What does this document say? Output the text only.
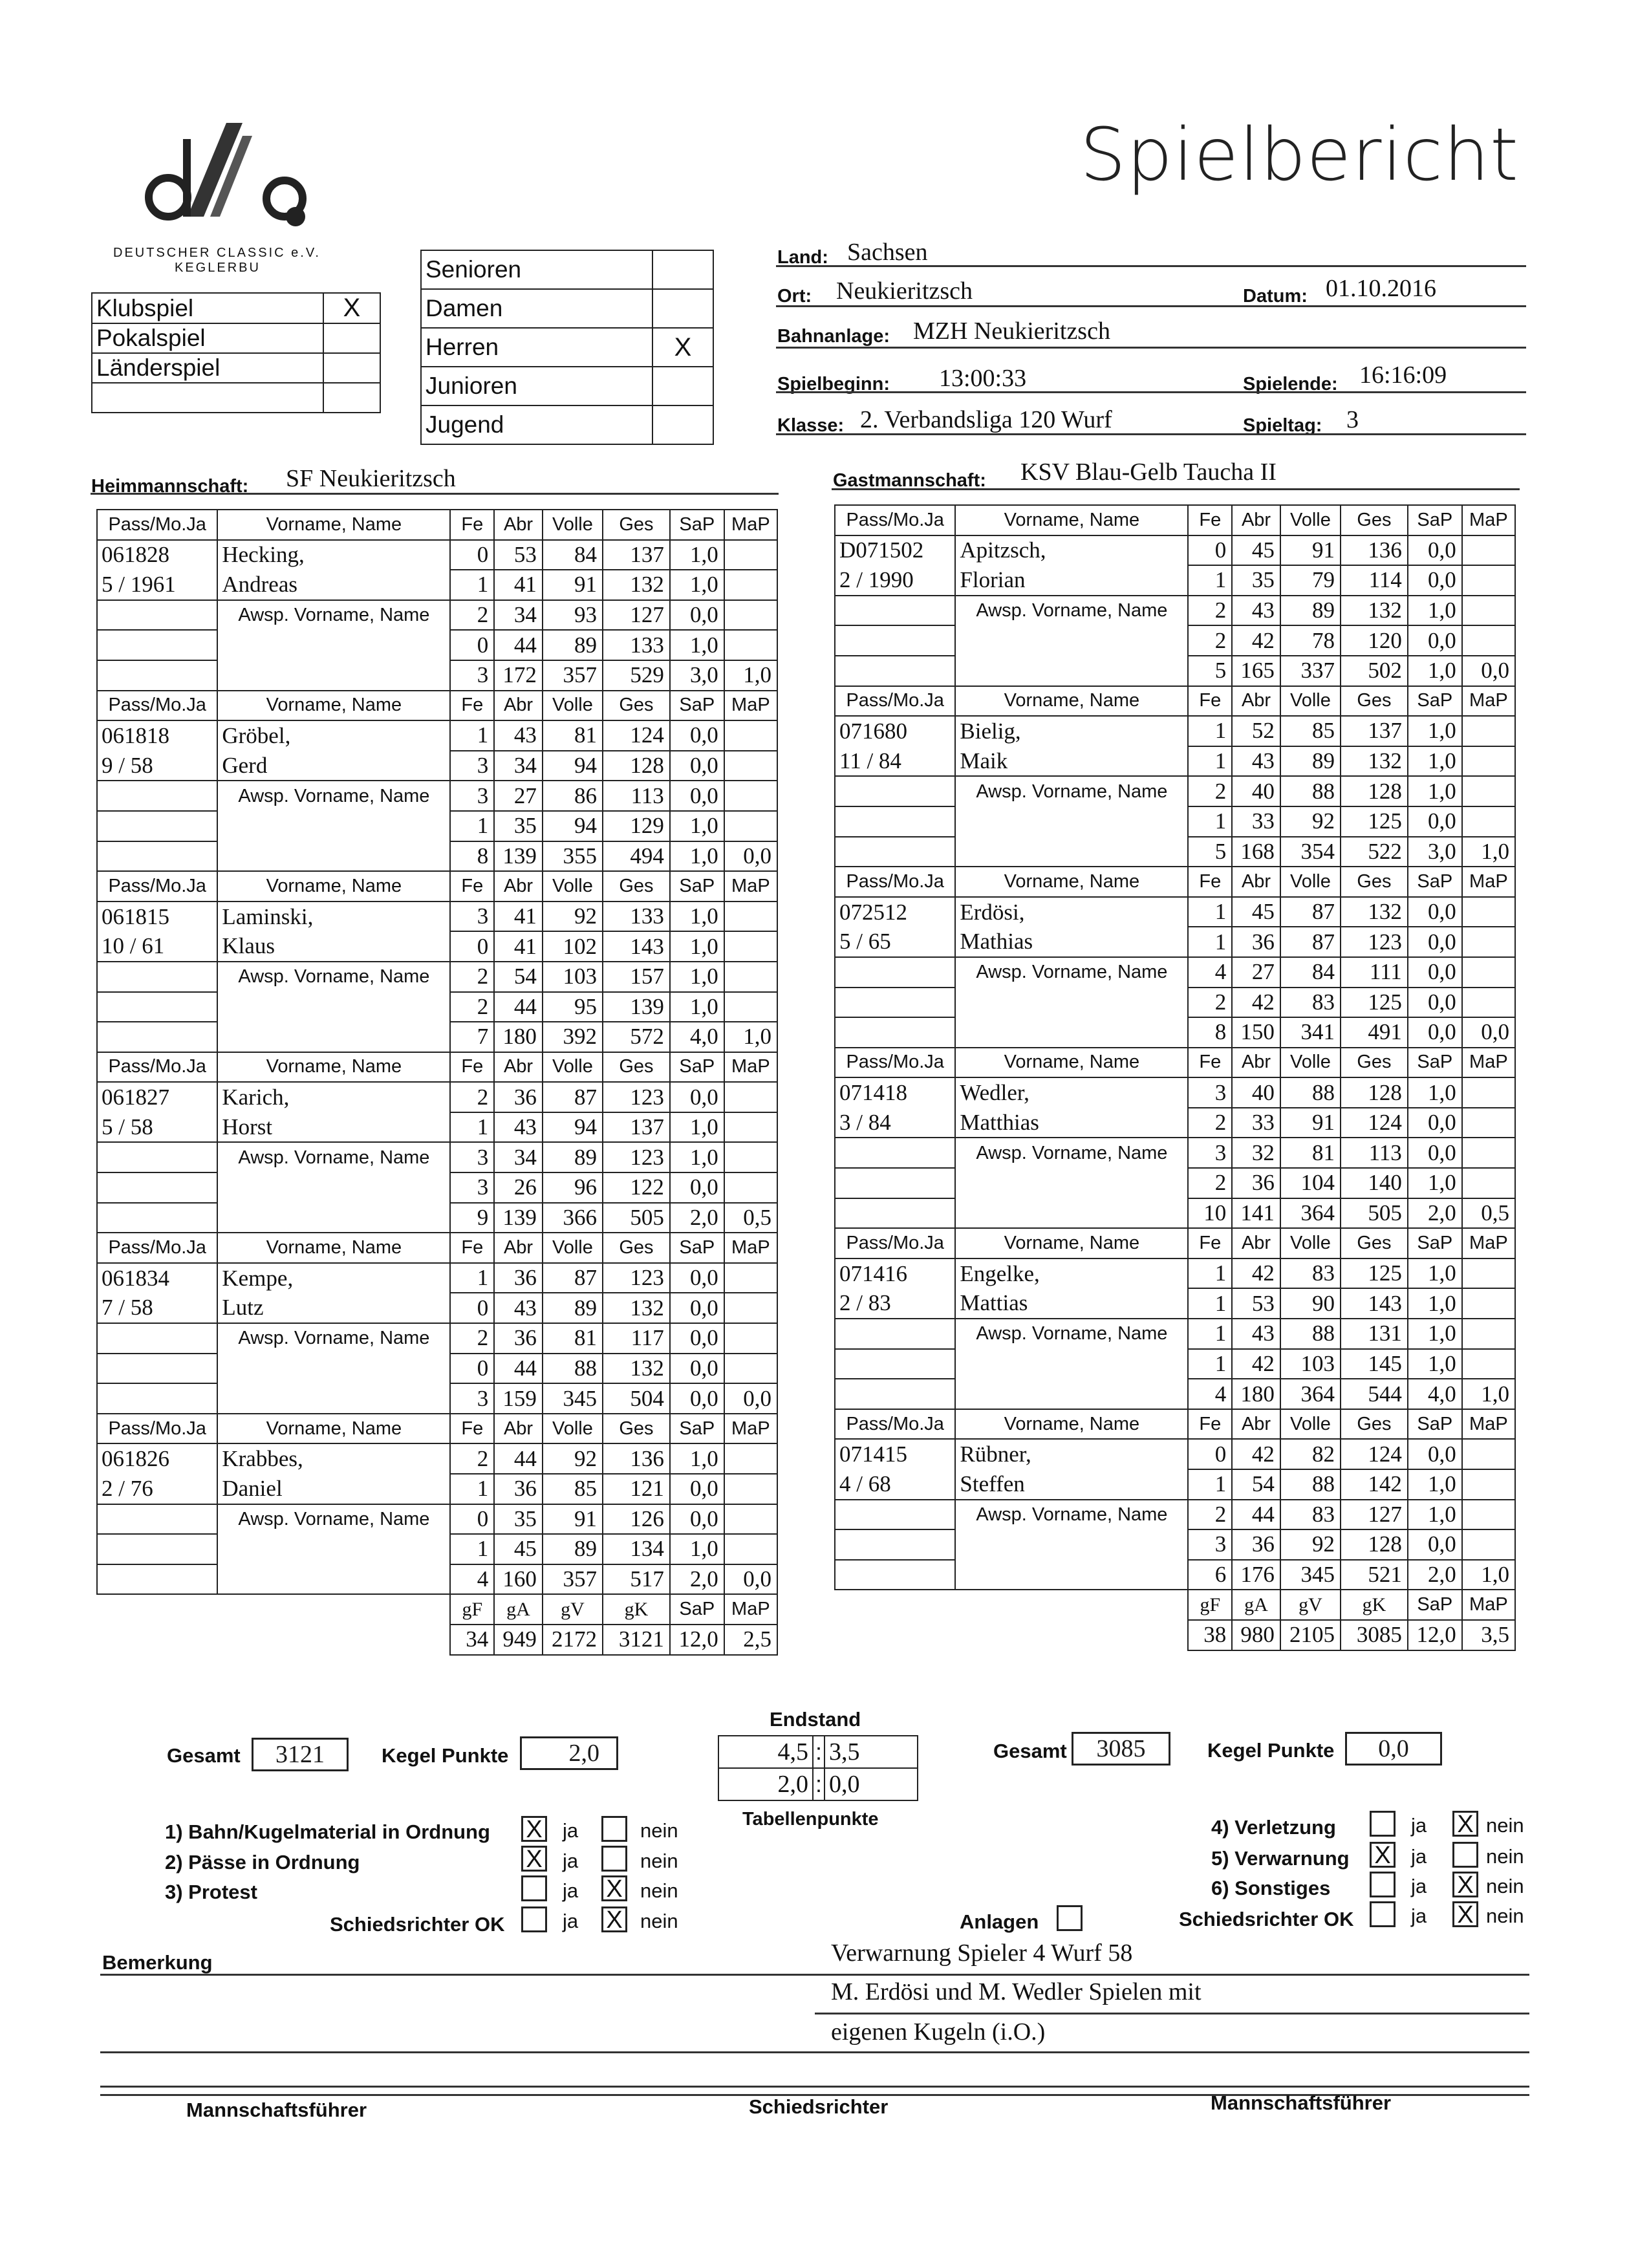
DEUTSCHER CLASSIC e.V.
KEGLERBU
Spielbericht
Klubspiel	X
Pokalspiel	
Länderspiel	

Senioren	
Damen	
Herren	X
Junioren	
Jugend	
Land: Sachsen
Ort: Neukieritzsch	Datum: 01.10.2016
Bahnanlage: MZH Neukieritzsch
Spielbeginn: 13:00:33	Spielende: 16:16:09
Klasse: 2. Verbandsliga 120 Wurf	Spieltag: 3
Heimmannschaft: SF Neukieritzsch	Gastmannschaft: KSV Blau-Gelb Taucha II
Pass/Mo.Ja	Vorname, Name	Fe	Abr	Volle	Ges	SaP	MaP
061828	Hecking,	0	53	84	137	1,0	
5 / 1961	Andreas	1	41	91	132	1,0	
	Awsp. Vorname, Name	2	34	93	127	0,0	
		0	44	89	133	1,0	
		3	172	357	529	3,0	1,0
Pass/Mo.Ja	Vorname, Name	Fe	Abr	Volle	Ges	SaP	MaP
061818	Gröbel,	1	43	81	124	0,0	
9 / 58	Gerd	3	34	94	128	0,0	
	Awsp. Vorname, Name	3	27	86	113	0,0	
		1	35	94	129	1,0	
		8	139	355	494	1,0	0,0
Pass/Mo.Ja	Vorname, Name	Fe	Abr	Volle	Ges	SaP	MaP
061815	Laminski,	3	41	92	133	1,0	
10 / 61	Klaus	0	41	102	143	1,0	
	Awsp. Vorname, Name	2	54	103	157	1,0	
		2	44	95	139	1,0	
		7	180	392	572	4,0	1,0
Pass/Mo.Ja	Vorname, Name	Fe	Abr	Volle	Ges	SaP	MaP
061827	Karich,	2	36	87	123	0,0	
5 / 58	Horst	1	43	94	137	1,0	
	Awsp. Vorname, Name	3	34	89	123	1,0	
		3	26	96	122	0,0	
		9	139	366	505	2,0	0,5
Pass/Mo.Ja	Vorname, Name	Fe	Abr	Volle	Ges	SaP	MaP
061834	Kempe,	1	36	87	123	0,0	
7 / 58	Lutz	0	43	89	132	0,0	
	Awsp. Vorname, Name	2	36	81	117	0,0	
		0	44	88	132	0,0	
		3	159	345	504	0,0	0,0
Pass/Mo.Ja	Vorname, Name	Fe	Abr	Volle	Ges	SaP	MaP
061826	Krabbes,	2	44	92	136	1,0	
2 / 76	Daniel	1	36	85	121	0,0	
	Awsp. Vorname, Name	0	35	91	126	0,0	
		1	45	89	134	1,0	
		4	160	357	517	2,0	0,0
		gF	gA	gV	gK	SaP	MaP
		34	949	2172	3121	12,0	2,5
Pass/Mo.Ja	Vorname, Name	Fe	Abr	Volle	Ges	SaP	MaP
D071502	Apitzsch,	0	45	91	136	0,0	
2 / 1990	Florian	1	35	79	114	0,0	
	Awsp. Vorname, Name	2	43	89	132	1,0	
		2	42	78	120	0,0	
		5	165	337	502	1,0	0,0
Pass/Mo.Ja	Vorname, Name	Fe	Abr	Volle	Ges	SaP	MaP
071680	Bielig,	1	52	85	137	1,0	
11 / 84	Maik	1	43	89	132	1,0	
	Awsp. Vorname, Name	2	40	88	128	1,0	
		1	33	92	125	0,0	
		5	168	354	522	3,0	1,0
Pass/Mo.Ja	Vorname, Name	Fe	Abr	Volle	Ges	SaP	MaP
072512	Erdösi,	1	45	87	132	0,0	
5 / 65	Mathias	1	36	87	123	0,0	
	Awsp. Vorname, Name	4	27	84	111	0,0	
		2	42	83	125	0,0	
		8	150	341	491	0,0	0,0
Pass/Mo.Ja	Vorname, Name	Fe	Abr	Volle	Ges	SaP	MaP
071418	Wedler,	3	40	88	128	1,0	
3 / 84	Matthias	2	33	91	124	0,0	
	Awsp. Vorname, Name	3	32	81	113	0,0	
		2	36	104	140	1,0	
		10	141	364	505	2,0	0,5
Pass/Mo.Ja	Vorname, Name	Fe	Abr	Volle	Ges	SaP	MaP
071416	Engelke,	1	42	83	125	1,0	
2 / 83	Mattias	1	53	90	143	1,0	
	Awsp. Vorname, Name	1	43	88	131	1,0	
		1	42	103	145	1,0	
		4	180	364	544	4,0	1,0
Pass/Mo.Ja	Vorname, Name	Fe	Abr	Volle	Ges	SaP	MaP
071415	Rübner,	0	42	82	124	0,0	
4 / 68	Steffen	1	54	88	142	1,0	
	Awsp. Vorname, Name	2	44	83	127	1,0	
		3	36	92	128	0,0	
		6	176	345	521	2,0	1,0
		gF	gA	gV	gK	SaP	MaP
		38	980	2105	3085	12,0	3,5
Gesamt	3121	Kegel Punkte	2,0
Endstand
4,5	:	3,5
2,0	:	0,0
Tabellenpunkte
Gesamt	3085	Kegel Punkte	0,0
1) Bahn/Kugelmaterial in Ordnung X ja	nein
2) Pässe in Ordnung	X ja	nein
3) Protest	ja X nein
Schiedsrichter OK	ja X nein	Anlagen
4) Verletzung	ja X nein
5) Verwarnung X ja	nein
6) Sonstiges	ja X nein
Schiedsrichter OK	ja X nein
Bemerkung	Verwarnung Spieler 4 Wurf 58
M. Erdösi und M. Wedler Spielen mit
eigenen Kugeln (i.O.)
Mannschaftsführer	Schiedsrichter	Mannschaftsführer
